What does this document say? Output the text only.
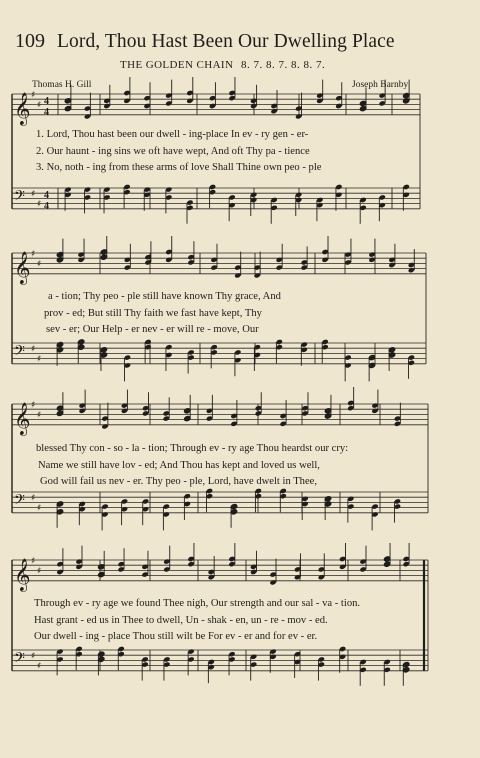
109 Lord, Thou Hast Been Our Dwelling Place
THE GOLDEN CHAIN 8. 7. 8. 7. 8. 8. 7.
Thomas H. Gill	Joseph Barnby
𝄞 ♯
♯ 4
4
𝄢 ♯
♯
4
4
𝄞 ♯
♯
𝄢 ♯
♯
𝄞 ♯
♯
𝄢 ♯
♯
𝄞 ♯
♯
𝄢 ♯
♯
1. Lord, Thou hast been our dwell - ing-place In ev - ry gen - er-
2. Our haunt - ing sins we oft have wept, And oft Thy pa - tience
3. No, noth - ing from these arms of love Shall Thine own peo - ple
a - tion; Thy peo - ple still have known Thy grace, And
prov - ed; But still Thy faith we fast have kept, Thy
sev - er; Our Help - er nev - er will re - move, Our
blessed Thy con - so - la - tion; Through ev - ry age Thou heardst our cry:
Name we still have lov - ed; And Thou has kept and loved us well,
God will fail us nev - er. Thy peo - ple, Lord, have dwelt in Thee,
Through ev - ry age we found Thee nigh, Our strength and our sal - va - tion.
Hast grant - ed us in Thee to dwell, Un - shak - en, un - re - mov - ed.
Our dwell - ing - place Thou still wilt be For ev - er and for ev - er.
